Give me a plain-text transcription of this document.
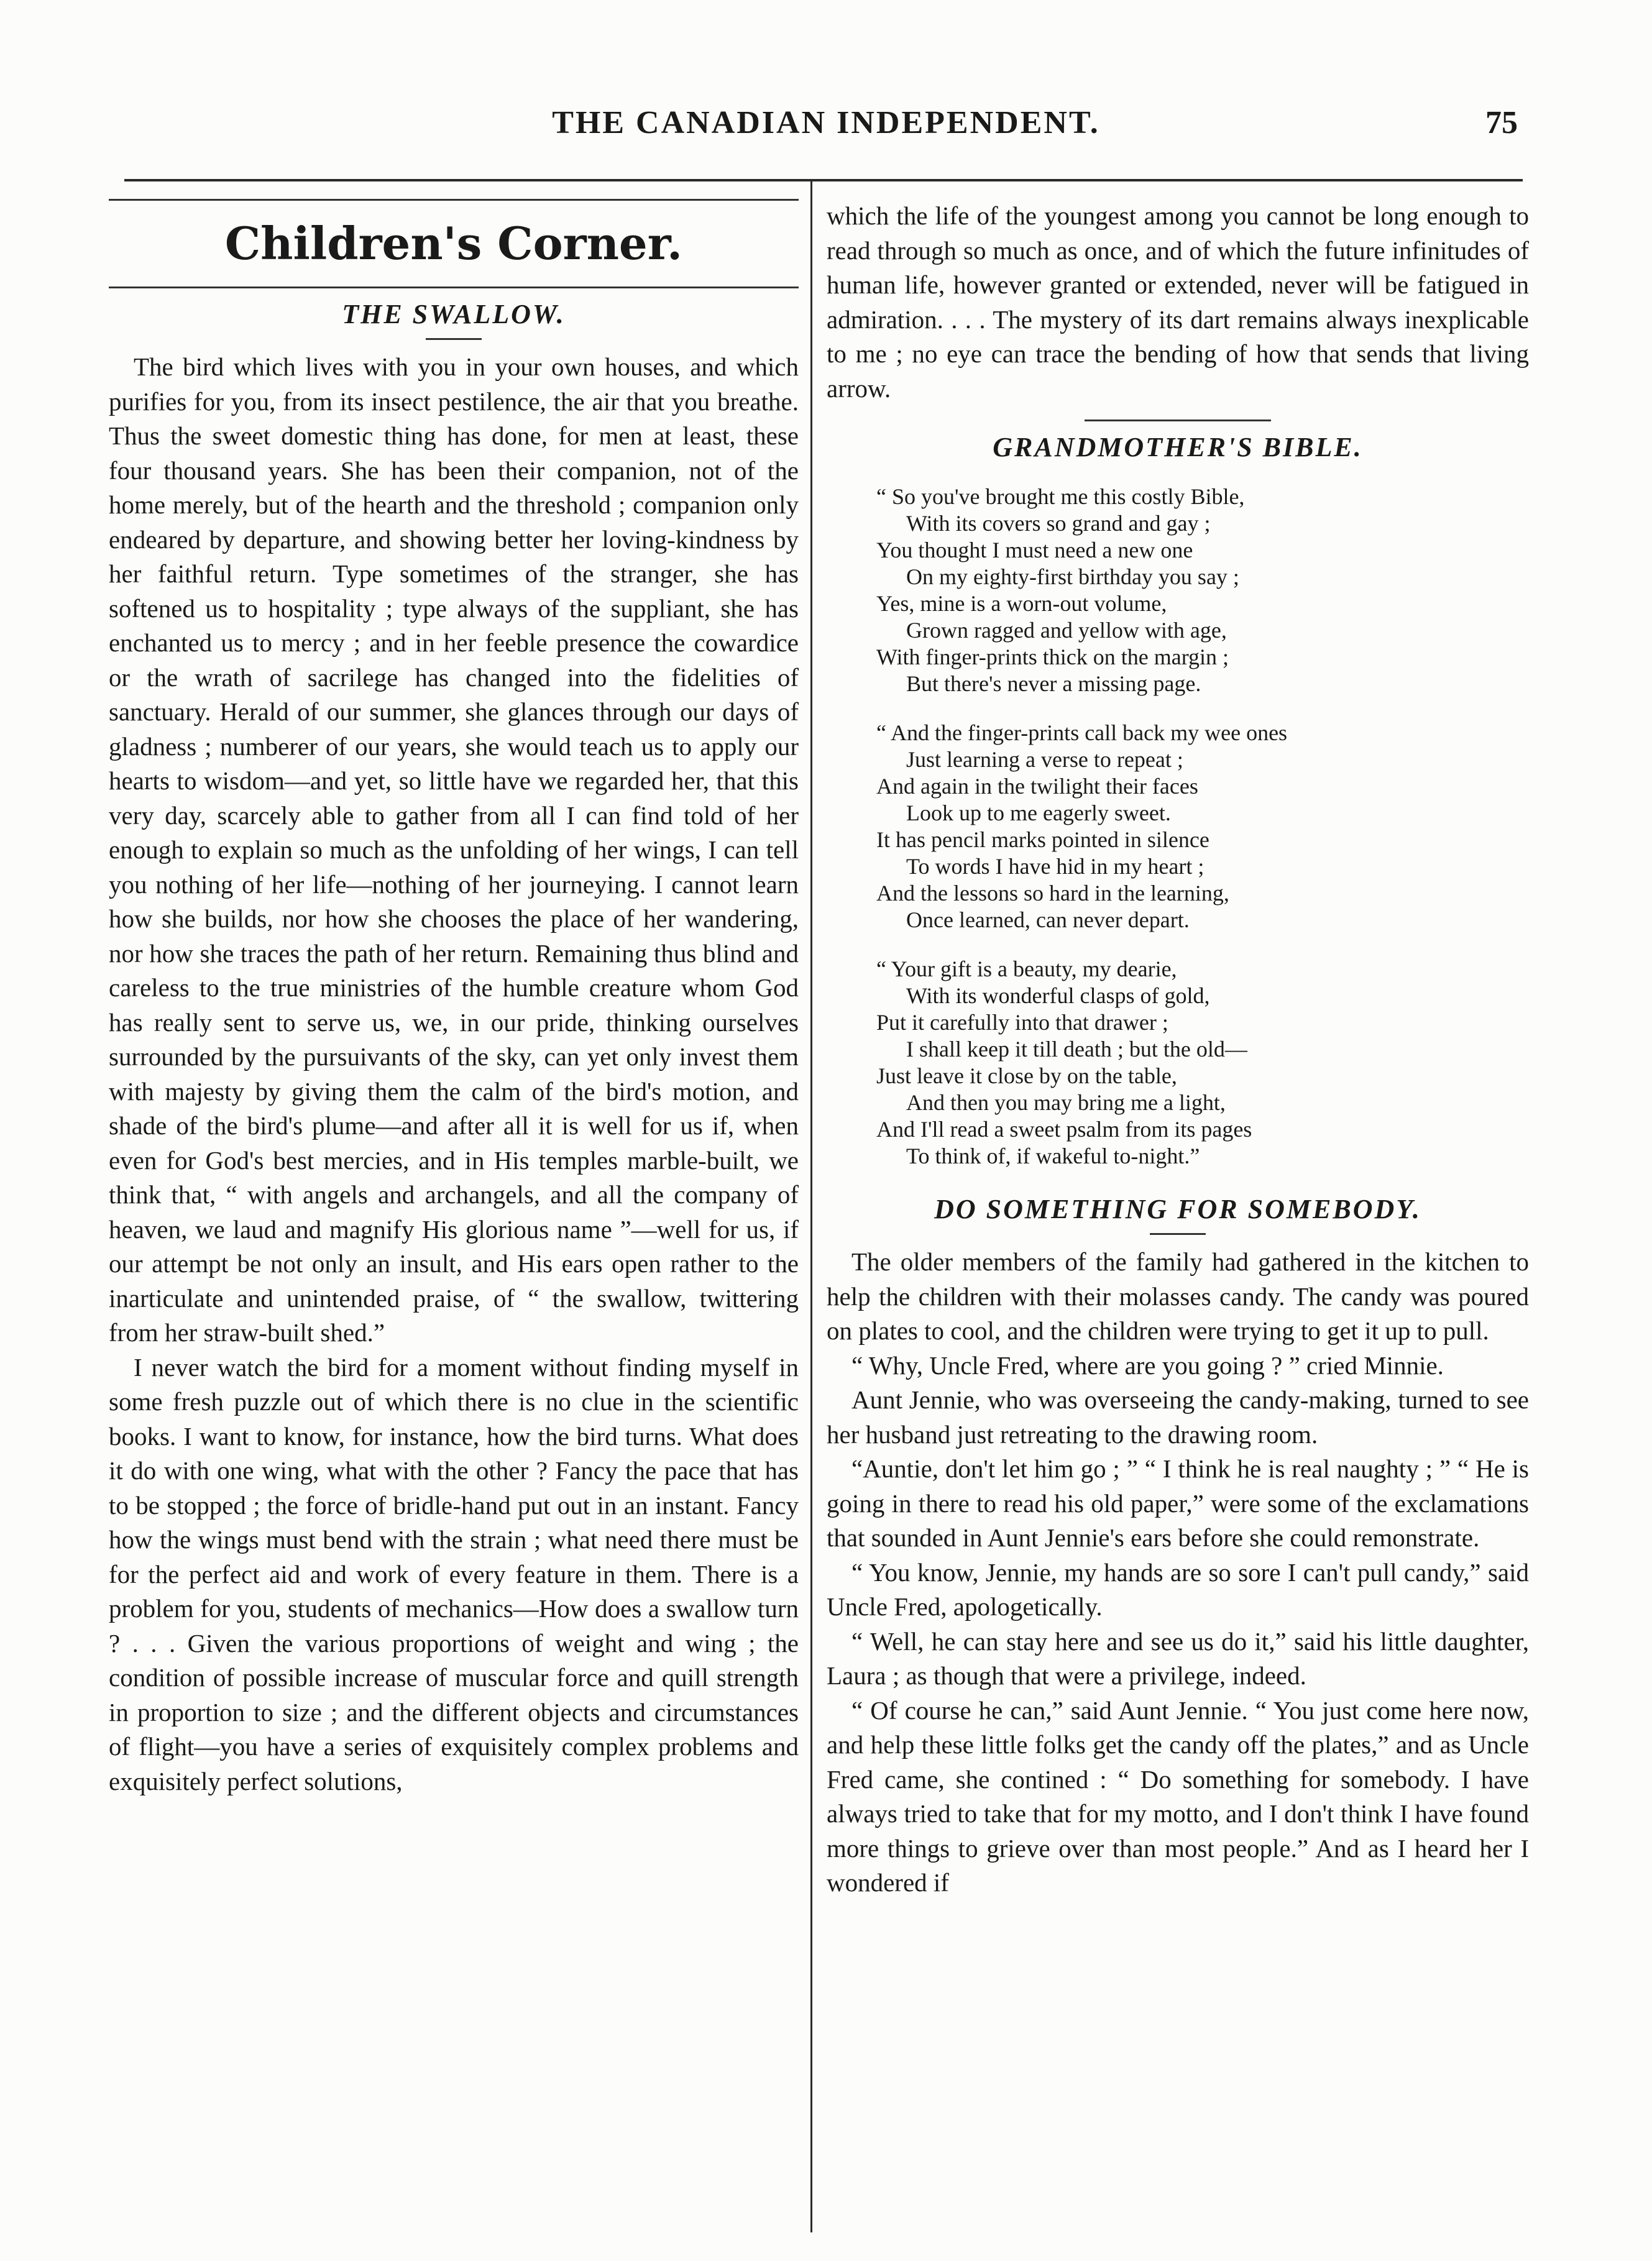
THE CANADIAN INDEPENDENT.	75
Children's Corner.
THE SWALLOW.

The bird which lives with you in your own houses, and which purifies for you, from its insect pestilence, the air that you breathe. Thus the sweet domestic thing has done, for men at least, these four thousand years. She has been their companion, not of the home merely, but of the hearth and the threshold ; companion only endeared by departure, and showing better her loving-kindness by her faithful return. Type sometimes of the stranger, she has softened us to hospitality ; type always of the suppliant, she has enchanted us to mercy ; and in her feeble presence the cowardice or the wrath of sacrilege has changed into the fidelities of sanctuary. Herald of our summer, she glances through our days of gladness ; numberer of our years, she would teach us to apply our hearts to wisdom—and yet, so little have we regarded her, that this very day, scarcely able to gather from all I can find told of her enough to explain so much as the unfolding of her wings, I can tell you nothing of her life—nothing of her journeying. I cannot learn how she builds, nor how she chooses the place of her wandering, nor how she traces the path of her return. Remaining thus blind and careless to the true ministries of the humble creature whom God has really sent to serve us, we, in our pride, thinking ourselves surrounded by the pursuivants of the sky, can yet only invest them with majesty by giving them the calm of the bird's motion, and shade of the bird's plume—and after all it is well for us if, when even for God's best mercies, and in His temples marble-built, we think that, “ with angels and archangels, and all the company of heaven, we laud and magnify His glorious name ”—well for us, if our attempt be not only an insult, and His ears open rather to the inarticulate and unintended praise, of “ the swallow, twittering from her straw-built shed.”

I never watch the bird for a moment without finding myself in some fresh puzzle out of which there is no clue in the scientific books. I want to know, for instance, how the bird turns. What does it do with one wing, what with the other ? Fancy the pace that has to be stopped ; the force of bridle-hand put out in an instant. Fancy how the wings must bend with the strain ; what need there must be for the perfect aid and work of every feature in them. There is a problem for you, students of mechanics—How does a swallow turn ? . . . Given the various proportions of weight and wing ; the condition of possible increase of muscular force and quill strength in proportion to size ; and the different objects and circumstances of flight—you have a series of exquisitely complex problems and exquisitely perfect solutions,

which the life of the youngest among you cannot be long enough to read through so much as once, and of which the future infinitudes of human life, however granted or extended, never will be fatigued in admiration. . . . The mystery of its dart remains always inexplicable to me ; no eye can trace the bending of how that sends that living arrow.

GRANDMOTHER'S BIBLE.
“ So you've brought me this costly Bible,
With its covers so grand and gay ;
You thought I must need a new one
On my eighty-first birthday you say ;
Yes, mine is a worn-out volume,
Grown ragged and yellow with age,
With finger-prints thick on the margin ;
But there's never a missing page.
“ And the finger-prints call back my wee ones
Just learning a verse to repeat ;
And again in the twilight their faces
Look up to me eagerly sweet.
It has pencil marks pointed in silence
To words I have hid in my heart ;
And the lessons so hard in the learning,
Once learned, can never depart.
“ Your gift is a beauty, my dearie,
With its wonderful clasps of gold,
Put it carefully into that drawer ;
I shall keep it till death ; but the old—
Just leave it close by on the table,
And then you may bring me a light,
And I'll read a sweet psalm from its pages
To think of, if wakeful to-night.”
DO SOMETHING FOR SOMEBODY.

The older members of the family had gathered in the kitchen to help the children with their molasses candy. The candy was poured on plates to cool, and the children were trying to get it up to pull.

“ Why, Uncle Fred, where are you going ? ” cried Minnie.

Aunt Jennie, who was overseeing the candy-making, turned to see her husband just retreating to the drawing room.

“Auntie, don't let him go ; ” “ I think he is real naughty ; ” “ He is going in there to read his old paper,” were some of the exclamations that sounded in Aunt Jennie's ears before she could remonstrate.

“ You know, Jennie, my hands are so sore I can't pull candy,” said Uncle Fred, apologetically.

“ Well, he can stay here and see us do it,” said his little daughter, Laura ; as though that were a privilege, indeed.

“ Of course he can,” said Aunt Jennie. “ You just come here now, and help these little folks get the candy off the plates,” and as Uncle Fred came, she contined : “ Do something for somebody. I have always tried to take that for my motto, and I don't think I have found more things to grieve over than most people.” And as I heard her I wondered if
